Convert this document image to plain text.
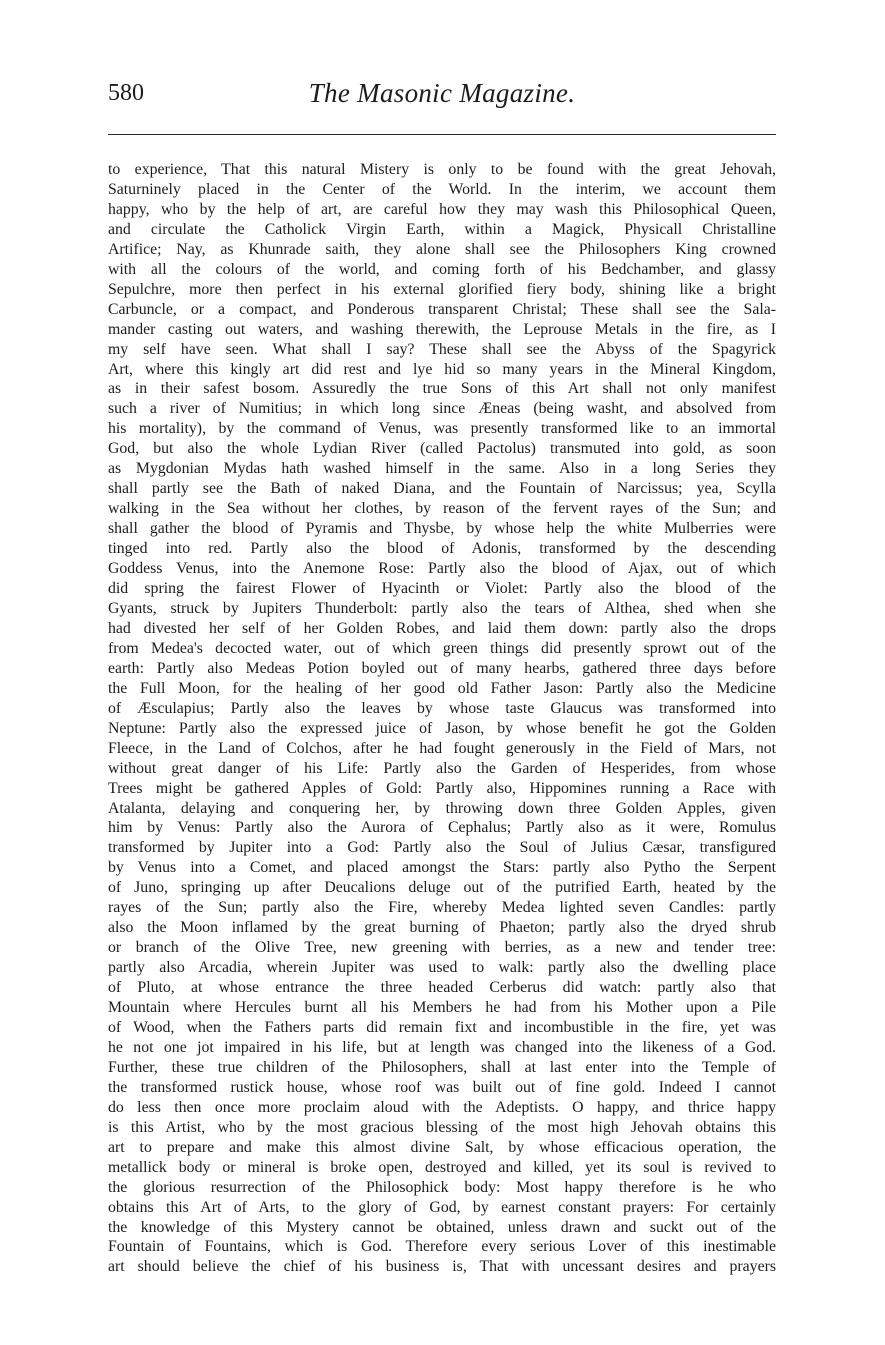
580	The Masonic Magazine.
to experience, That this natural Mistery is only to be found with the great Jehovah,
Saturninely placed in the Center of the World. In the interim, we account them
happy, who by the help of art, are careful how they may wash this Philosophical Queen,
and circulate the Catholick Virgin Earth, within a Magick, Physicall Christalline
Artifice; Nay, as Khunrade saith, they alone shall see the Philosophers King crowned
with all the colours of the world, and coming forth of his Bedchamber, and glassy
Sepulchre, more then perfect in his external glorified fiery body, shining like a bright
Carbuncle, or a compact, and Ponderous transparent Christal; These shall see the Sala-
mander casting out waters, and washing therewith, the Leprouse Metals in the fire, as I
my self have seen. What shall I say? These shall see the Abyss of the Spagyrick
Art, where this kingly art did rest and lye hid so many years in the Mineral Kingdom,
as in their safest bosom. Assuredly the true Sons of this Art shall not only manifest
such a river of Numitius; in which long since Æneas (being washt, and absolved from
his mortality), by the command of Venus, was presently transformed like to an immortal
God, but also the whole Lydian River (called Pactolus) transmuted into gold, as soon
as Mygdonian Mydas hath washed himself in the same. Also in a long Series they
shall partly see the Bath of naked Diana, and the Fountain of Narcissus; yea, Scylla
walking in the Sea without her clothes, by reason of the fervent rayes of the Sun; and
shall gather the blood of Pyramis and Thysbe, by whose help the white Mulberries were
tinged into red. Partly also the blood of Adonis, transformed by the descending
Goddess Venus, into the Anemone Rose: Partly also the blood of Ajax, out of which
did spring the fairest Flower of Hyacinth or Violet: Partly also the blood of the
Gyants, struck by Jupiters Thunderbolt: partly also the tears of Althea, shed when she
had divested her self of her Golden Robes, and laid them down: partly also the drops
from Medea's decocted water, out of which green things did presently sprowt out of the
earth: Partly also Medeas Potion boyled out of many hearbs, gathered three days before
the Full Moon, for the healing of her good old Father Jason: Partly also the Medicine
of Æsculapius; Partly also the leaves by whose taste Glaucus was transformed into
Neptune: Partly also the expressed juice of Jason, by whose benefit he got the Golden
Fleece, in the Land of Colchos, after he had fought generously in the Field of Mars, not
without great danger of his Life: Partly also the Garden of Hesperides, from whose
Trees might be gathered Apples of Gold: Partly also, Hippomines running a Race with
Atalanta, delaying and conquering her, by throwing down three Golden Apples, given
him by Venus: Partly also the Aurora of Cephalus; Partly also as it were, Romulus
transformed by Jupiter into a God: Partly also the Soul of Julius Cæsar, transfigured
by Venus into a Comet, and placed amongst the Stars: partly also Pytho the Serpent
of Juno, springing up after Deucalions deluge out of the putrified Earth, heated by the
rayes of the Sun; partly also the Fire, whereby Medea lighted seven Candles: partly
also the Moon inflamed by the great burning of Phaeton; partly also the dryed shrub
or branch of the Olive Tree, new greening with berries, as a new and tender tree:
partly also Arcadia, wherein Jupiter was used to walk: partly also the dwelling place
of Pluto, at whose entrance the three headed Cerberus did watch: partly also that
Mountain where Hercules burnt all his Members he had from his Mother upon a Pile
of Wood, when the Fathers parts did remain fixt and incombustible in the fire, yet was
he not one jot impaired in his life, but at length was changed into the likeness of a God.
Further, these true children of the Philosophers, shall at last enter into the Temple of
the transformed rustick house, whose roof was built out of fine gold. Indeed I cannot
do less then once more proclaim aloud with the Adeptists. O happy, and thrice happy
is this Artist, who by the most gracious blessing of the most high Jehovah obtains this
art to prepare and make this almost divine Salt, by whose efficacious operation, the
metallick body or mineral is broke open, destroyed and killed, yet its soul is revived to
the glorious resurrection of the Philosophick body: Most happy therefore is he who
obtains this Art of Arts, to the glory of God, by earnest constant prayers: For certainly
the knowledge of this Mystery cannot be obtained, unless drawn and suckt out of the
Fountain of Fountains, which is God. Therefore every serious Lover of this inestimable
art should believe the chief of his business is, That with uncessant desires and prayers
